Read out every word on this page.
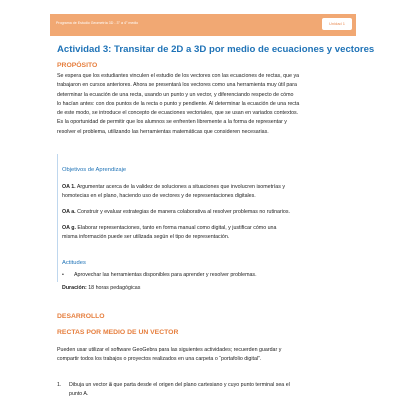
Programa de Estudio Geometría 3D - 3° a 4° medio	Unidad 1
Actividad 3: Transitar de 2D a 3D por medio de ecuaciones y vectores
PROPÓSITO
Se espera que los estudiantes vinculen el estudio de los vectores con las ecuaciones de rectas, que ya
trabajaron en cursos anteriores. Ahora se presentará los vectores como una herramienta muy útil para
determinar la ecuación de una recta, usando un punto y un vector, y diferenciando respecto de cómo
lo hacían antes: con dos puntos de la recta o punto y pendiente. Al determinar la ecuación de una recta
de este modo, se introduce el concepto de ecuaciones vectoriales, que se usan en variados contextos.
Es la oportunidad de permitir que los alumnos se enfrenten libremente a la forma de representar y
resolver el problema, utilizando las herramientas matemáticas que consideren necesarias.
Objetivos de Aprendizaje
OA 1. Argumentar acerca de la validez de soluciones a situaciones que involucren isometrías y
homotecias en el plano, haciendo uso de vectores y de representaciones digitales.
OA a. Construir y evaluar estrategias de manera colaborativa al resolver problemas no rutinarios.
OA g. Elaborar representaciones, tanto en forma manual como digital, y justificar cómo una
misma información puede ser utilizada según el tipo de representación.
Actitudes
• Aprovechar las herramientas disponibles para aprender y resolver problemas.
Duración: 18 horas pedagógicas
DESARROLLO
RECTAS POR MEDIO DE UN VECTOR
Pueden usar utilizar el software GeoGebra para las siguientes actividades; recuerden guardar y
compartir todos los trabajos o proyectos realizados en una carpeta o “portafolio digital”.
1. Dibuja un vector a⃗ que parta desde el origen del plano cartesiano y cuyo punto terminal sea el
punto A.
